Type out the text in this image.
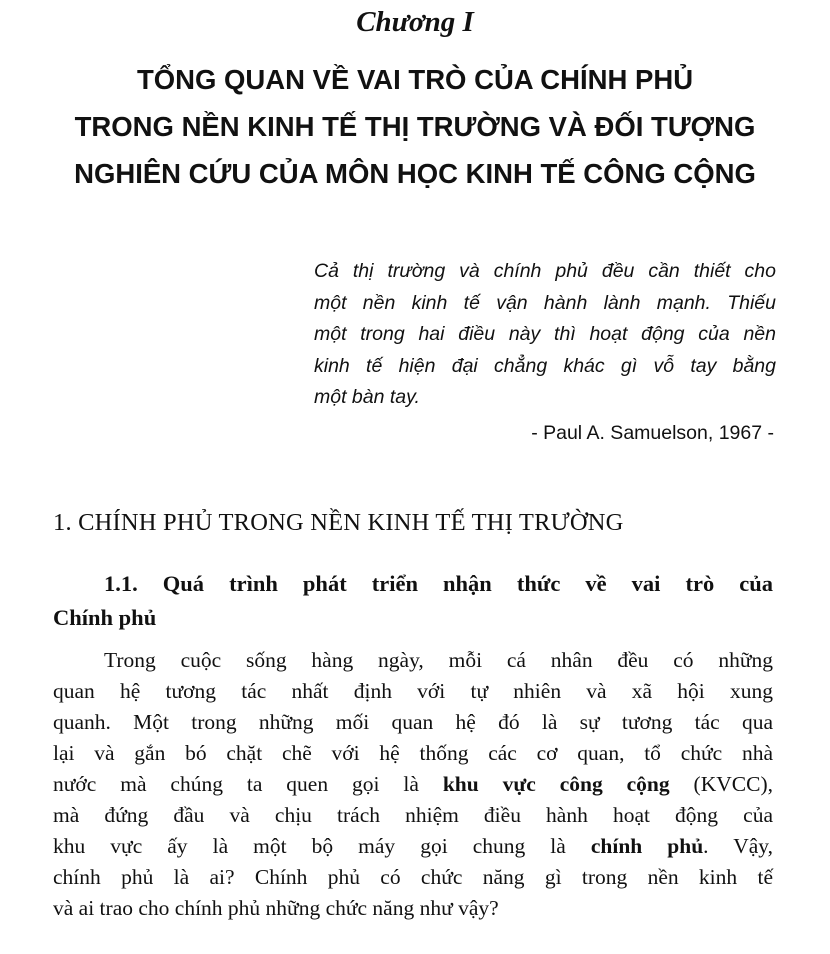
Chương I
TỔNG QUAN VỀ VAI TRÒ CỦA CHÍNH PHỦ
TRONG NỀN KINH TẾ THỊ TRƯỜNG VÀ ĐỐI TƯỢNG
NGHIÊN CỨU CỦA MÔN HỌC KINH TẾ CÔNG CỘNG
Cả thị trường và chính phủ đều cần thiết cho
một nền kinh tế vận hành lành mạnh. Thiếu
một trong hai điều này thì hoạt động của nền
kinh tế hiện đại chẳng khác gì vỗ tay bằng
một bàn tay.
- Paul A. Samuelson, 1967 -
1. CHÍNH PHỦ TRONG NỀN KINH TẾ THỊ TRƯỜNG
1.1. Quá trình phát triển nhận thức về vai trò của
Chính phủ
Trong cuộc sống hàng ngày, mỗi cá nhân đều có những
quan hệ tương tác nhất định với tự nhiên và xã hội xung
quanh. Một trong những mối quan hệ đó là sự tương tác qua
lại và gắn bó chặt chẽ với hệ thống các cơ quan, tổ chức nhà
nước mà chúng ta quen gọi là khu vực công cộng (KVCC),
mà đứng đầu và chịu trách nhiệm điều hành hoạt động của
khu vực ấy là một bộ máy gọi chung là chính phủ. Vậy,
chính phủ là ai? Chính phủ có chức năng gì trong nền kinh tế
và ai trao cho chính phủ những chức năng như vậy?
